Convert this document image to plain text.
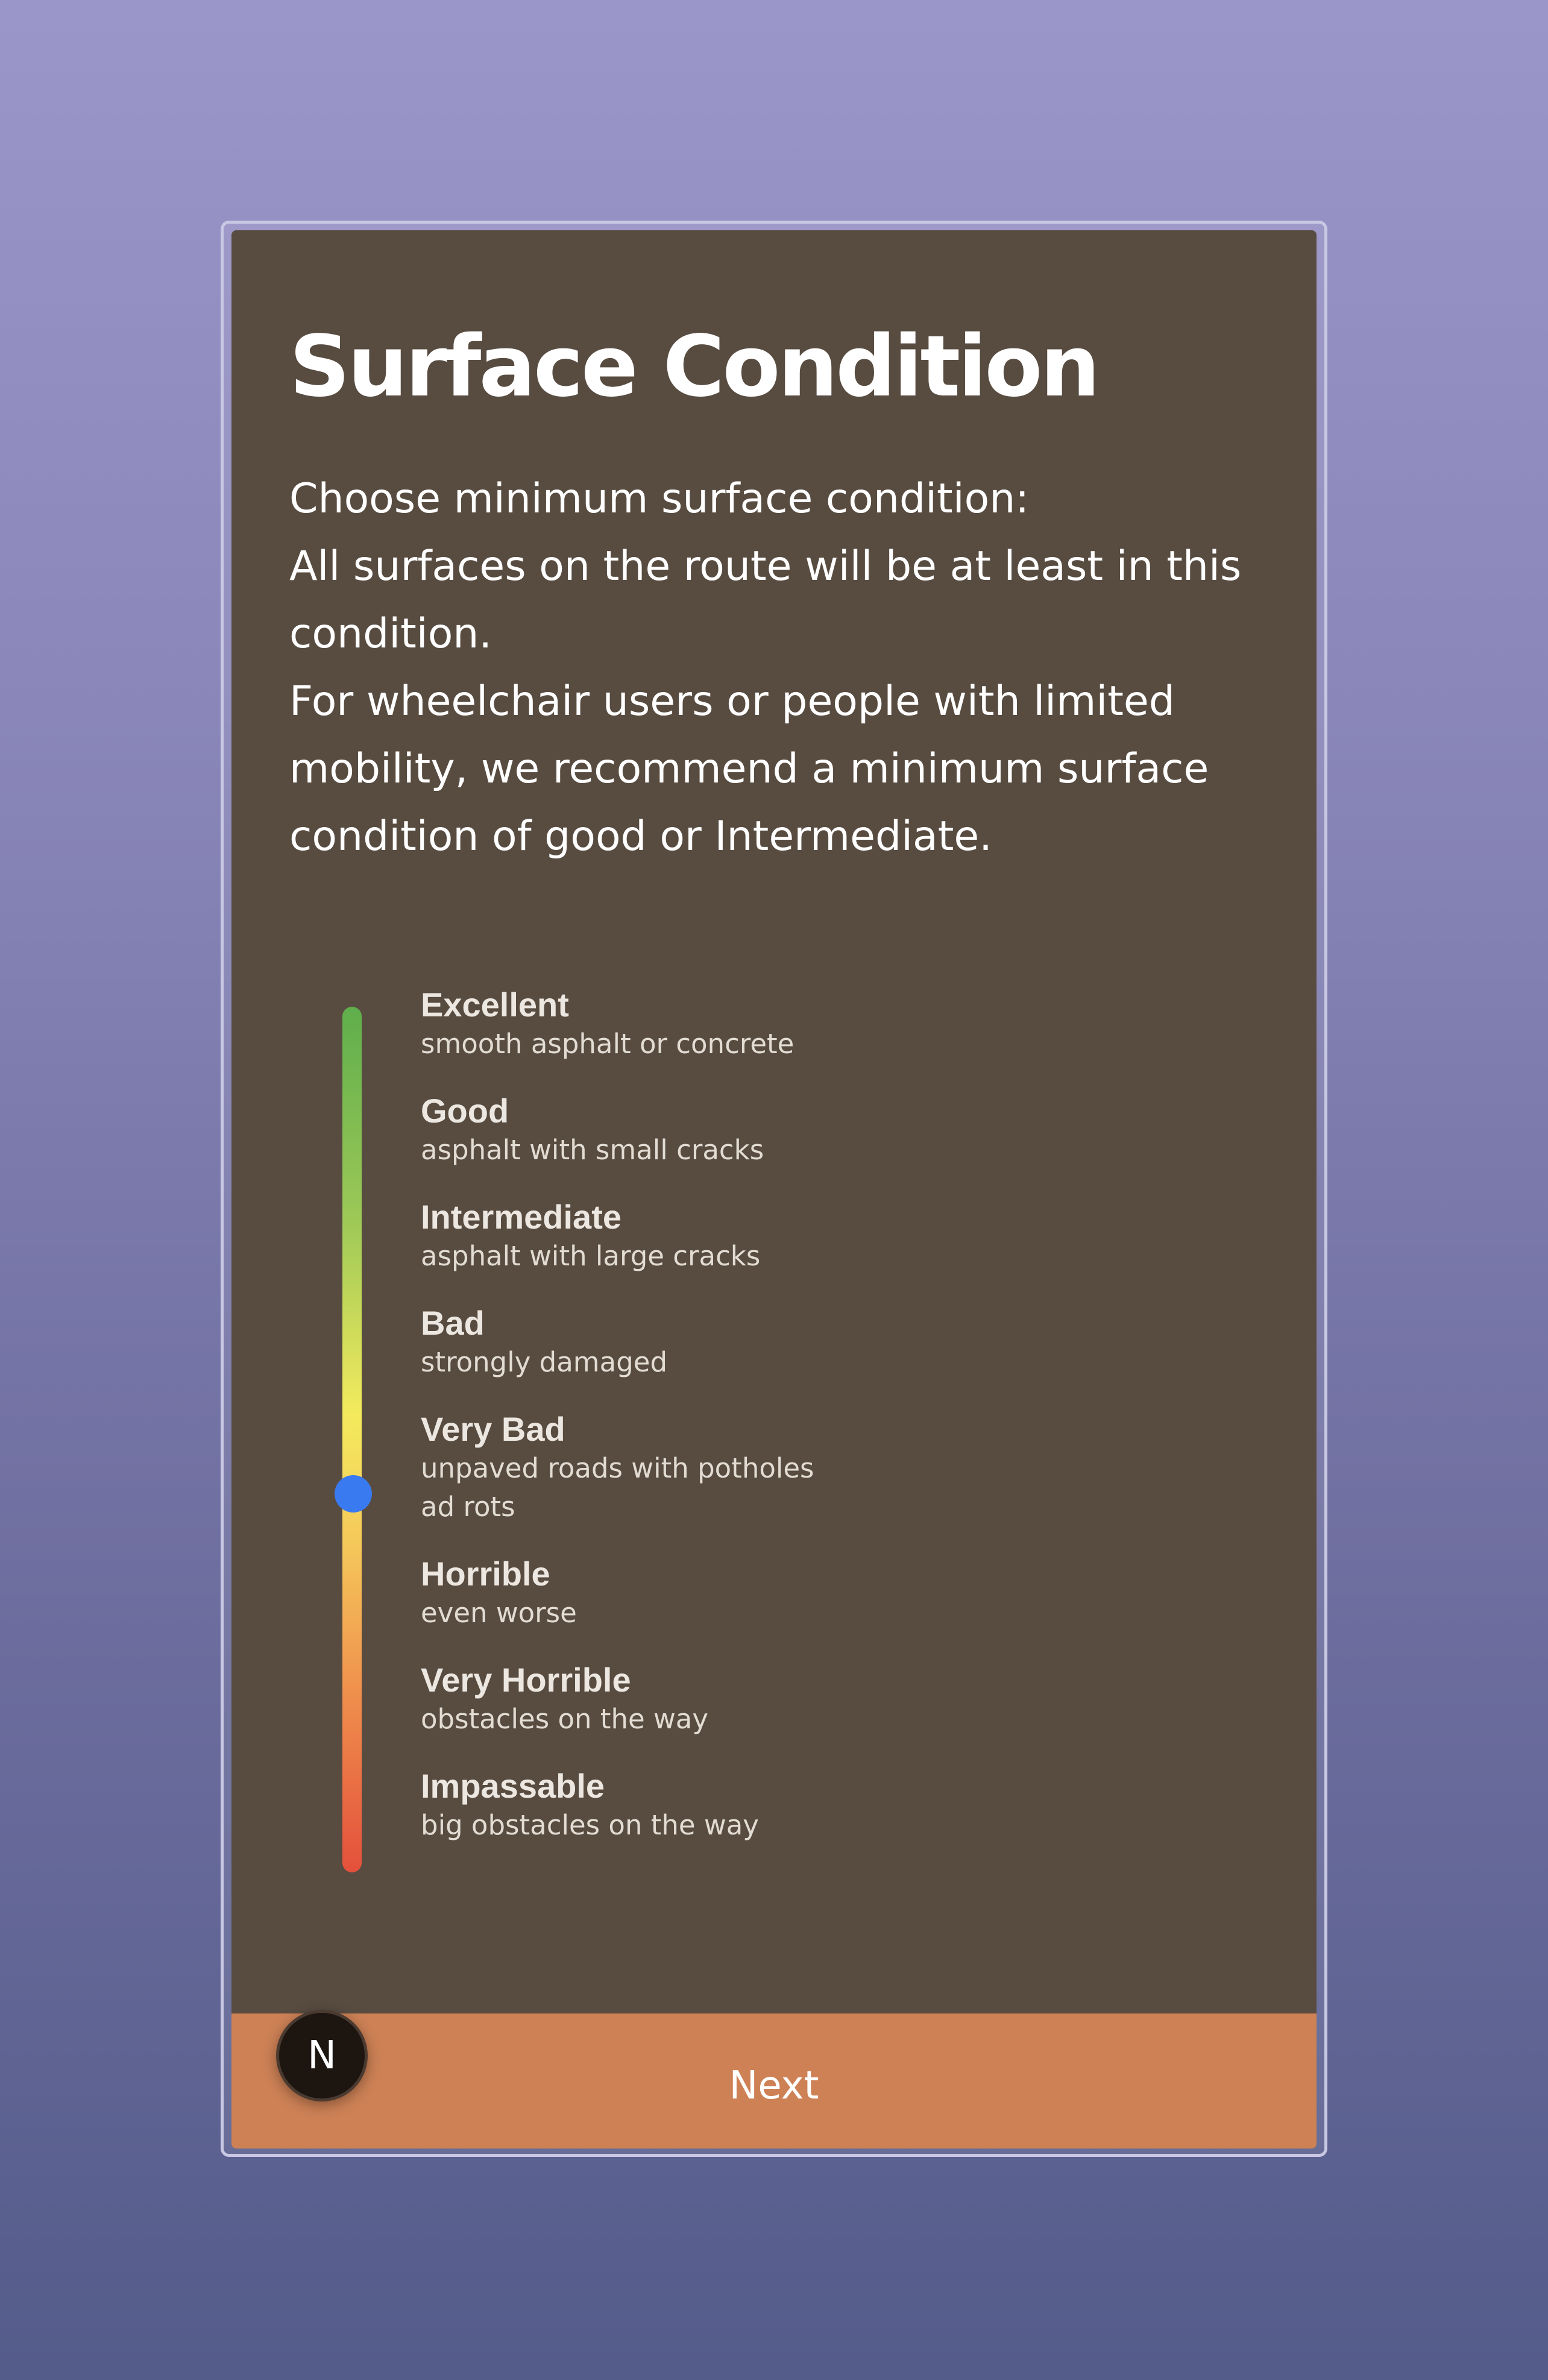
Surface Condition
Choose minimum surface condition:
All surfaces on the route will be at least in this
condition.
For wheelchair users or people with limited
mobility, we recommend a minimum surface
condition of good or Intermediate.
Excellent
smooth asphalt or concrete
Good
asphalt with small cracks
Intermediate
asphalt with large cracks
Bad
strongly damaged
Very Bad
unpaved roads with potholes
ad rots
Horrible
even worse
Very Horrible
obstacles on the way
Impassable
big obstacles on the way
Next
N
